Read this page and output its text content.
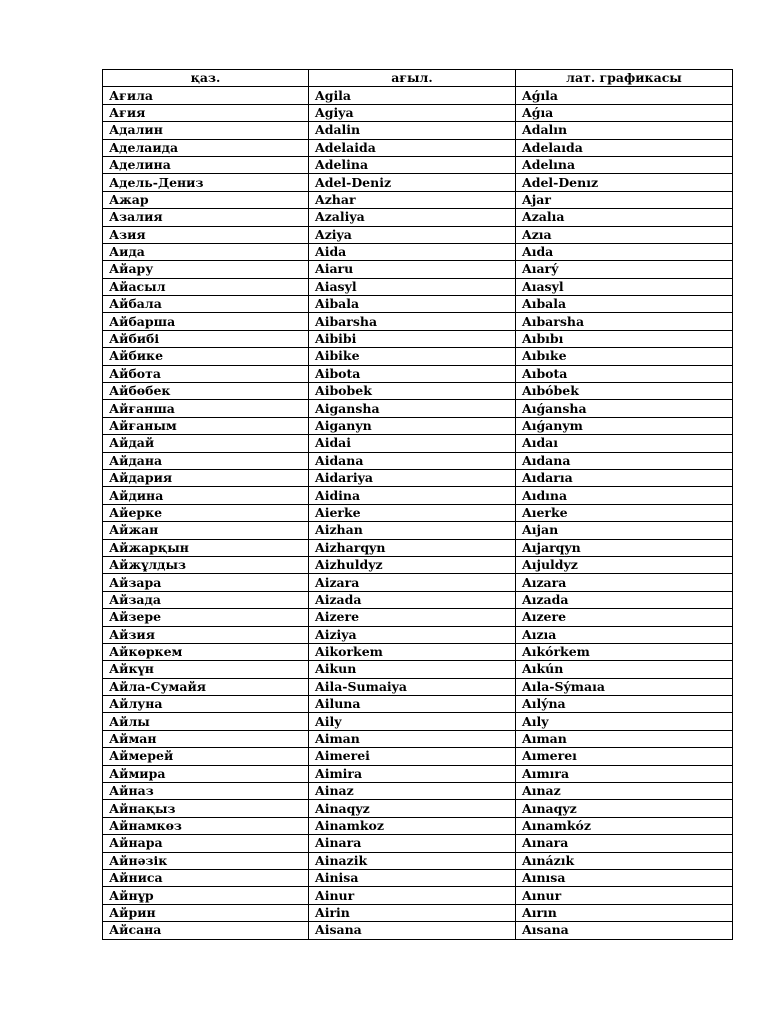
қаз.	ағыл.	лат. графикасы
Ағила	Agila	Aǵıla
Ағия	Agiya	Aǵıa
Адалин	Adalin	Adalın
Аделаида	Adelaida	Adelaıda
Аделина	Adelina	Adelına
Адель-Дениз	Adel-Deniz	Adel-Denız
Ажар	Azhar	Ajar
Азалия	Azaliya	Azalıa
Азия	Aziya	Azıa
Аида	Aida	Aıda
Айару	Aiaru	Aıarý
Айасыл	Aiasyl	Aıasyl
Айбала	Aibala	Aıbala
Айбарша	Aibarsha	Aıbarsha
Айбибі	Aibibi	Aıbıbı
Айбике	Aibike	Aıbıke
Айбота	Aibota	Aıbota
Айбөбек	Aibobek	Aıbóbek
Айғанша	Aigansha	Aıǵansha
Айғаным	Aiganyn	Aıǵanym
Айдай	Aidai	Aıdaı
Айдана	Aidana	Aıdana
Айдария	Aidariya	Aıdarıa
Айдина	Aidina	Aıdına
Айерке	Aierke	Aıerke
Айжан	Aizhan	Aıjan
Айжарқын	Aizharqyn	Aıjarqyn
Айжұлдыз	Aizhuldyz	Aıjuldyz
Айзара	Aizara	Aızara
Айзада	Aizada	Aızada
Айзере	Aizere	Aızere
Айзия	Aiziya	Aızıa
Айкөркем	Aikorkem	Aıkórkem
Айкүн	Aikun	Aıkún
Айла-Сумайя	Aila-Sumaiya	Aıla-Sýmaıa
Айлуна	Ailuna	Aılýna
Айлы	Aily	Aıly
Айман	Aiman	Aıman
Аймерей	Aimerei	Aımereı
Аймира	Aimira	Aımıra
Айназ	Ainaz	Aınaz
Айнақыз	Ainaqyz	Aınaqyz
Айнамкөз	Ainamkoz	Aınamkóz
Айнара	Ainara	Aınara
Айнәзік	Ainazik	Aınázık
Айниса	Ainisa	Aınısa
Айнұр	Ainur	Aınur
Айрин	Airin	Aırın
Айсана	Aisana	Aısana
